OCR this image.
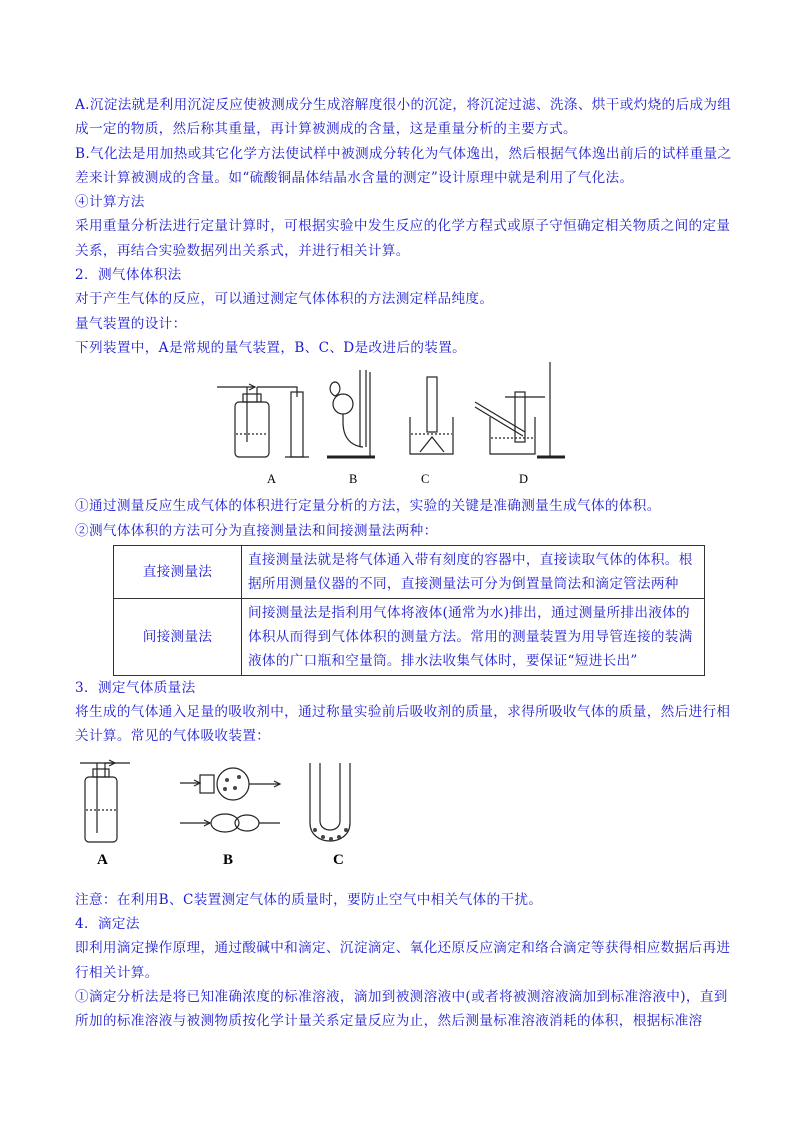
A.沉淀法就是利用沉淀反应使被测成分生成溶解度很小的沉淀，将沉淀过滤、洗涤、烘干或灼烧的后成为组成一定的物质，然后称其重量，再计算被测成的含量，这是重量分析的主要方式。

B.气化法是用加热或其它化学方法使试样中被测成分转化为气体逸出，然后根据气体逸出前后的试样重量之差来计算被测成的含量。如“硫酸铜晶体结晶水含量的测定”设计原理中就是利用了气化法。

④计算方法

采用重量分析法进行定量计算时，可根据实验中发生反应的化学方程式或原子守恒确定相关物质之间的定量关系，再结合实验数据列出关系式，并进行相关计算。

2．测气体体积法

对于产生气体的反应，可以通过测定气体体积的方法测定样品纯度。

量气装置的设计：

下列装置中，A是常规的量气装置，B、C、D是改进后的装置。

A	B	C	D

①通过测量反应生成气体的体积进行定量分析的方法，实验的关键是准确测量生成气体的体积。

②测气体体积的方法可分为直接测量法和间接测量法两种：

直接测量法	直接测量法就是将气体通入带有刻度的容器中，直接读取气体的体积。根据所用测量仪器的不同，直接测量法可分为倒置量筒法和滴定管法两种
间接测量法	间接测量法是指利用气体将液体(通常为水)排出，通过测量所排出液体的体积从而得到气体体积的测量方法。常用的测量装置为用导管连接的装满液体的广口瓶和空量筒。排水法收集气体时，要保证“短进长出”

3．测定气体质量法

将生成的气体通入足量的吸收剂中，通过称量实验前后吸收剂的质量，求得所吸收气体的质量，然后进行相关计算。常见的气体吸收装置：

A	B	C

注意：在利用B、C装置测定气体的质量时，要防止空气中相关气体的干扰。

4．滴定法

即利用滴定操作原理，通过酸碱中和滴定、沉淀滴定、氧化还原反应滴定和络合滴定等获得相应数据后再进行相关计算。

①滴定分析法是将已知准确浓度的标准溶液，滴加到被测溶液中(或者将被测溶液滴加到标准溶液中)，直到所加的标准溶液与被测物质按化学计量关系定量反应为止，然后测量标准溶液消耗的体积，根据标准溶
